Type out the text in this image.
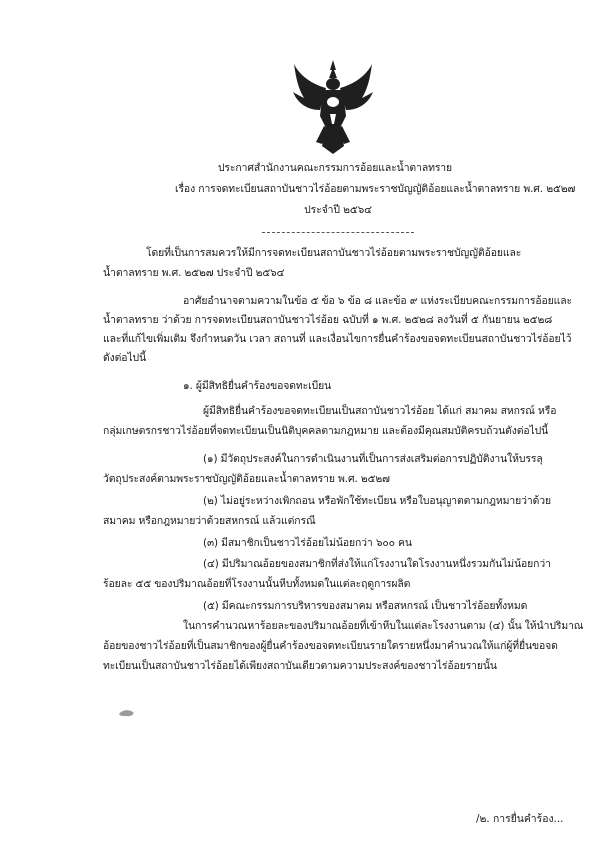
ประกาศสำนักงานคณะกรรมการอ้อยและน้ำตาลทราย
เรื่อง การจดทะเบียนสถาบันชาวไร่อ้อยตามพระราชบัญญัติอ้อยและน้ำตาลทราย พ.ศ. ๒๕๒๗
ประจำปี ๒๕๖๔
โดยที่เป็นการสมควรให้มีการจดทะเบียนสถาบันชาวไร่อ้อยตามพระราชบัญญัติอ้อยและ
น้ำตาลทราย พ.ศ. ๒๕๒๗ ประจำปี ๒๕๖๔
อาศัยอำนาจตามความในข้อ ๕ ข้อ ๖ ข้อ ๘ และข้อ ๙ แห่งระเบียบคณะกรรมการอ้อยและ
น้ำตาลทราย ว่าด้วย การจดทะเบียนสถาบันชาวไร่อ้อย ฉบับที่ ๑ พ.ศ. ๒๕๒๘ ลงวันที่ ๕ กันยายน ๒๕๒๘
และที่แก้ไขเพิ่มเติม จึงกำหนดวัน เวลา สถานที่ และเงื่อนไขการยื่นคำร้องขอจดทะเบียนสถาบันชาวไร่อ้อยไว้
ดังต่อไปนี้
๑. ผู้มีสิทธิยื่นคำร้องขอจดทะเบียน
ผู้มีสิทธิยื่นคำร้องขอจดทะเบียนเป็นสถาบันชาวไร่อ้อย ได้แก่ สมาคม สหกรณ์ หรือ
กลุ่มเกษตรกรชาวไร่อ้อยที่จดทะเบียนเป็นนิติบุคคลตามกฎหมาย และต้องมีคุณสมบัติครบถ้วนดังต่อไปนี้
(๑) มีวัตถุประสงค์ในการดำเนินงานที่เป็นการส่งเสริมต่อการปฏิบัติงานให้บรรลุ
วัตถุประสงค์ตามพระราชบัญญัติอ้อยและน้ำตาลทราย พ.ศ. ๒๕๒๗
(๒) ไม่อยู่ระหว่างเพิกถอน หรือพักใช้ทะเบียน หรือใบอนุญาตตามกฎหมายว่าด้วย
สมาคม หรือกฎหมายว่าด้วยสหกรณ์ แล้วแต่กรณี
(๓) มีสมาชิกเป็นชาวไร่อ้อยไม่น้อยกว่า ๖๐๐ คน
(๔) มีปริมาณอ้อยของสมาชิกที่ส่งให้แก่โรงงานใดโรงงานหนึ่งรวมกันไม่น้อยกว่า
ร้อยละ ๕๕ ของปริมาณอ้อยที่โรงงานนั้นหีบทั้งหมดในแต่ละฤดูการผลิต
(๕) มีคณะกรรมการบริหารของสมาคม หรือสหกรณ์ เป็นชาวไร่อ้อยทั้งหมด
ในการคำนวณหาร้อยละของปริมาณอ้อยที่เข้าหีบในแต่ละโรงงานตาม (๔) นั้น ให้นำปริมาณ
อ้อยของชาวไร่อ้อยที่เป็นสมาชิกของผู้ยื่นคำร้องขอจดทะเบียนรายใดรายหนึ่งมาคำนวณให้แก่ผู้ที่ยื่นขอจด
ทะเบียนเป็นสถาบันชาวไร่อ้อยได้เพียงสถาบันเดียวตามความประสงค์ของชาวไร่อ้อยรายนั้น
/๒. การยื่นคำร้อง...
